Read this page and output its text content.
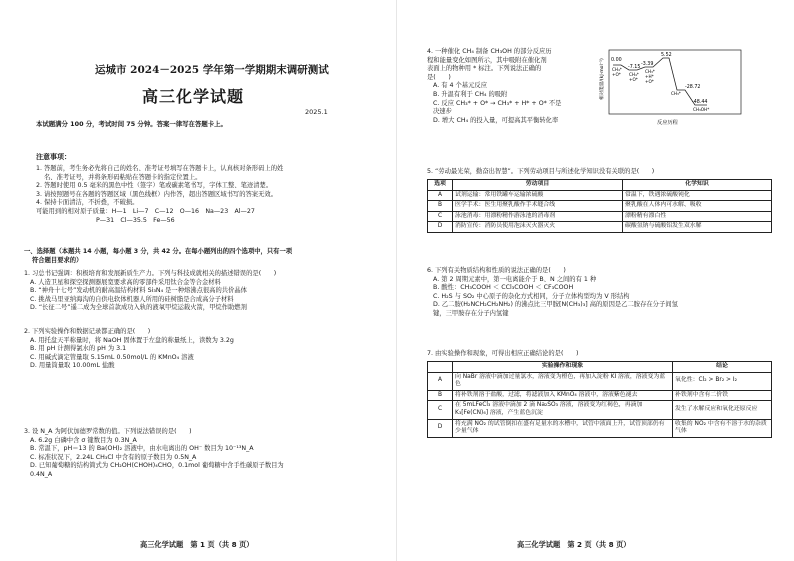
运城市 2024－2025 学年第一学期期末调研测试
高三化学试题
2025.1
本试题满分 100 分，考试时间 75 分钟。答案一律写在答题卡上。
注意事项：

1. 答题前，考生务必先将自己的姓名、准考证号填写在答题卡上，认真核对条形码上的姓

名、准考证号，并将条形码粘贴在答题卡的指定位置上。

2. 答题时使用 0.5 毫米的黑色中性（签字）笔或碳素笔书写，字体工整、笔迹清楚。

3. 请按照题号在各题的答题区域（黑色线框）内作答，超出答题区域书写的答案无效。

4. 保持卡面清洁，不折叠，不破损。

可能用到的相对原子质量：H—1　Li—7　C—12　O—16　Na—23　Al—27

P—31　Cl—35.5　Fe—56

一、选择题（本题共 14 小题，每小题 3 分，共 42 分。在每小题列出的四个选项中，只有一项

符合题目要求的）

1. 习总书记强调：积极培育和发展新质生产力。下列与科技成就相关的描述错误的是(　　)

A. 人造卫星和探空探测器展宽要求高的零部件采用钛合金等合金材料

B. “神舟十七号”发动机的耐高温结构材料 Si₃N₄ 是一种熔沸点很高的共价晶体

C. 挑战马里亚纳海沟的自供电软体机器人所用的硅树脂是合成高分子材料

D. “长征二号”遥二成为全球首款成功入轨的液氧甲烷运载火箭，甲烷作助燃剂

2. 下列实验操作和数据记录都正确的是(　　)

A. 用托盘天平称量时，将 NaOH 固体置于左盘的称量纸上，读数为 3.2g

B. 用 pH 计测得氯水的 pH 为 3.1

C. 用碱式滴定管量取 5.15mL 0.50mol/L 的 KMnO₄ 溶液

D. 用量筒量取 10.00mL 盐酸

3. 设 N_A 为阿伏加德罗常数的值。下列说法错误的是(　　)

A. 6.2g 白磷中含 σ 键数目为 0.3N_A

B. 常温下，pH＝13 的 Ba(OH)₂ 溶液中，由水电离出的 OH⁻ 数目为 10⁻¹³N_A

C. 标准状况下，2.24L CH₃Cl 中含有的原子数目为 0.5N_A

D. 已知葡萄糖的结构简式为 CH₂OH(CHOH)₄CHO，0.1mol 葡萄糖中含手性碳原子数目为

0.4N_A

高三化学试题　第 1 页（共 8 页）

4. 一种催化 CH₄ 制备 CH₃OH 的部分反应历

程和能量变化如图所示，其中吸附在催化剂

表面上的物种用 * 标注。下列说法正确的

是(　　)

A. 有 4 个基元反应

B. 升温有利于 CH₄ 的吸附

C. 反应 CH₃* + O* → CH₃* + H* + O* 不是

决速步

D. 增大 CH₄ 的投入量，可提高其平衡转化率

相对能量/(kJ·mol⁻¹)
反应历程
0.00
-7.15
-3.39
5.52
-28.72
-48.44
CH₄*
+O* CH₄*
+O*
CH₃*
+H*
+O*
CH₃*
CH₃OH*

5. “劳动最光荣，勤奋出智慧”。下列劳动项目与所述化学知识没有关联的是(　　)

选项	劳动项目	化学知识
A	试剂运输：常用铁罐车运输浓硫酸	常温下，铁遇浓硫酸钝化
B	医学手术：医生用聚乳酸作手术缝合线	聚乳酸在人体内可水解、吸收
C	泳池消毒：用漂粉精作游泳池的消毒剂	漂粉精有漂白性
D	消防宣传：消防员使用泡沫灭火器灭火	碳酸氢钠与硫酸铝发生双水解

6. 下列有关物质结构和性质的说法正确的是(　　)

A. 第 2 周期元素中，第一电离能介于 B、N 之间的有 1 种

B. 酸性：CH₃COOH ＜ CCl₃COOH ＜ CF₃COOH

C. H₂S 与 SO₂ 中心原子的杂化方式相同，分子立体构型均为 V 形结构

D. 乙二胺(H₂NCH₂CH₂NH₂) 的沸点比三甲胺[N(CH₃)₃] 高的原因是乙二胺存在分子间氢

键，三甲胺存在分子内氢键

7. 由实验操作和现象，可得出相应正确结论的是(　　)

	实验操作和现象	结论
A	向 NaBr 溶液中滴加过量氯水，溶液变为橙色，再加入淀粉 KI 溶液，溶液变为蓝色	氧化性：Cl₂ > Br₂ > I₂
B	将补铁剂溶于盐酸，过滤，将滤液加入 KMnO₄ 溶液中，溶液紫色褪去	补铁剂中含有二价铁
C	在 5mLFeCl₃ 溶液中滴加 2 滴 Na₂SO₃ 溶液，溶液变为红褐色，再滴加 K₃[Fe(CN)₆] 溶液，产生蓝色沉淀	发生了水解反应和氧化还原反应
D	将充满 NO₂ 的试管倒扣在盛有足量水的水槽中，试管中液面上升，试管顶部仍有少量气体	收集的 NO₂ 中含有不溶于水的杂质气体
高三化学试题　第 2 页（共 8 页）
